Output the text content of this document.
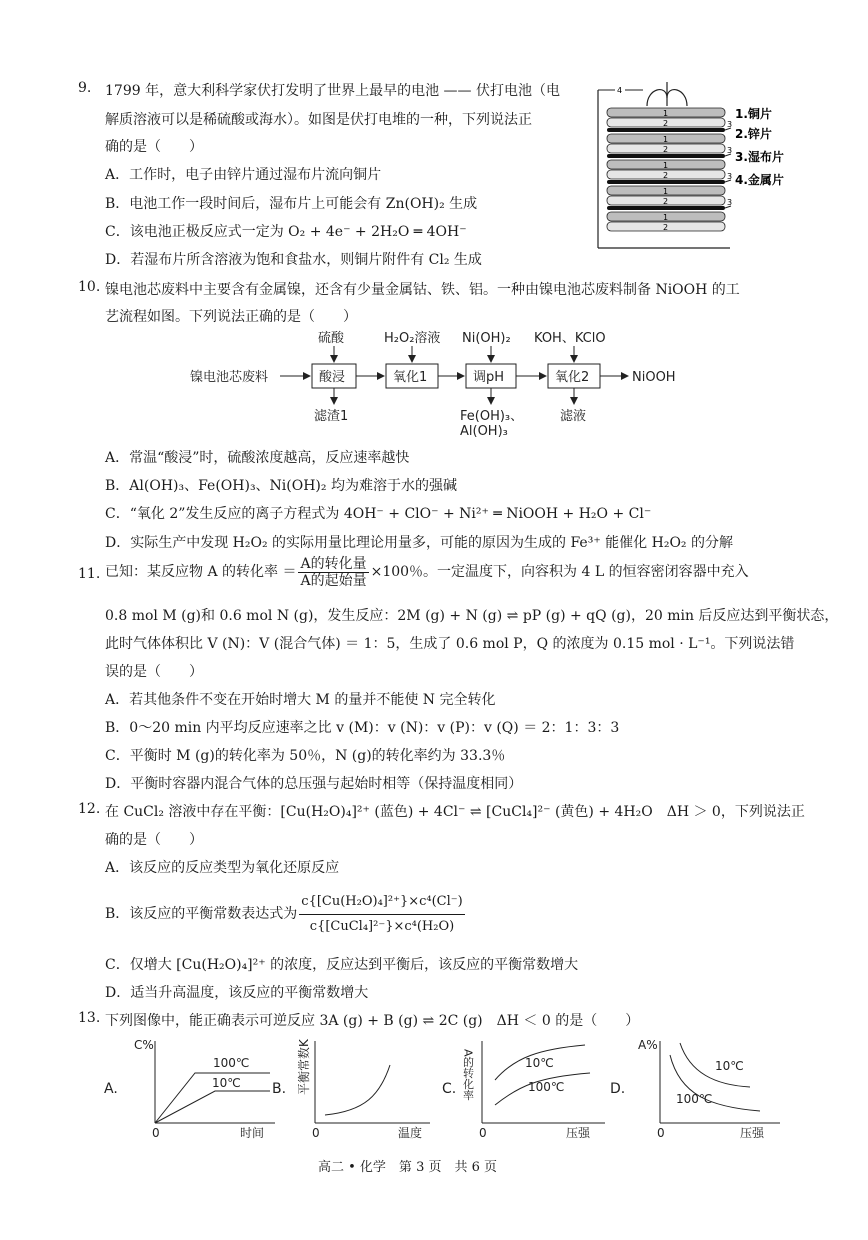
9. 1799 年，意大利科学家伏打发明了世界上最早的电池 —— 伏打电池（电
解质溶液可以是稀硫酸或海水）。如图是伏打电堆的一种，下列说法正
确的是（　　）
A．工作时，电子由锌片通过湿布片流向铜片
B．电池工作一段时间后，湿布片上可能会有 Zn(OH)₂ 生成
C．该电池正极反应式一定为 O₂ + 4e⁻ + 2H₂O ═ 4OH⁻
D．若湿布片所含溶液为饱和食盐水，则铜片附件有 Cl₂ 生成
4
1
2	3
1
2	3
1
2	3
1
2	3
1
2
1.铜片
2.锌片
3.湿布片
4.金属片
10. 镍电池芯废料中主要含有金属镍，还含有少量金属钴、铁、铝。一种由镍电池芯废料制备 NiOOH 的工
艺流程如图。下列说法正确的是（　　）
镍电池芯废料	酸浸	氧化1	调pH	氧化2	NiOOH
硫酸	H₂O₂溶液 Ni(OH)₂ KOH、KClO
滤渣1	Fe(OH)₃、
Al(OH)₃
滤液
A．常温“酸浸”时，硫酸浓度越高，反应速率越快
B．Al(OH)₃、Fe(OH)₃、Ni(OH)₂ 均为难溶于水的强碱
C．“氧化 2”发生反应的离子方程式为 4OH⁻ + ClO⁻ + Ni²⁺ ═ NiOOH + H₂O + Cl⁻
D．实际生产中发现 H₂O₂ 的实际用量比理论用量多，可能的原因为生成的 Fe³⁺ 能催化 H₂O₂ 的分解
11. 已知：某反应物 A 的转化率 ＝ $\frac{\text{A的转化量}}{\text{A的起始量}} \times 100$％。一定温度下，向容积为 4 L 的恒容密闭容器中充入
0.8 mol M (g)和 0.6 mol N (g)，发生反应：2M (g) + N (g) ⇌ pP (g) + qQ (g)，20 min 后反应达到平衡状态，
此时气体体积比 V (N)：V (混合气体) ＝ 1：5，生成了 0.6 mol P，Q 的浓度为 0.15 mol · L⁻¹。下列说法错
误的是（　　）
A．若其他条件不变在开始时增大 M 的量并不能使 N 完全转化
B．0～20 min 内平均反应速率之比 v (M)：v (N)：v (P)：v (Q) ＝ 2：1：3：3
C．平衡时 M (g)的转化率为 50％，N (g)的转化率约为 33.3％
D．平衡时容器内混合气体的总压强与起始时相等（保持温度相同）
12. 在 CuCl₂ 溶液中存在平衡：[Cu(H₂O)₄]²⁺ (蓝色) + 4Cl⁻ ⇌ [CuCl₄]²⁻ (黄色) + 4H₂O　ΔH ＞ 0，下列说法正
确的是（　　）
A．该反应的反应类型为氧化还原反应
B．该反应的平衡常数表达式为 $\frac{\text{c\{[Cu(H₂O)₄]²⁺\}×c⁴(Cl⁻)}}{\text{c\{[CuCl₄]²⁻\}×c⁴(H₂O)}}$
C．仅增大 [Cu(H₂O)₄]²⁺ 的浓度，反应达到平衡后，该反应的平衡常数增大
D．适当升高温度，该反应的平衡常数增大
13. 下列图像中，能正确表示可逆反应 3A (g) + B (g) ⇌ 2C (g)　ΔH ＜ 0 的是（　　）
A.
C%
0	时间
100℃
10℃ B. 平衡常数K
0	温度
C. A的转化率
0	压强
10℃
100℃	D.
A%
0	压强
10℃
100℃
高二 • 化学　第 3 页　共 6 页
